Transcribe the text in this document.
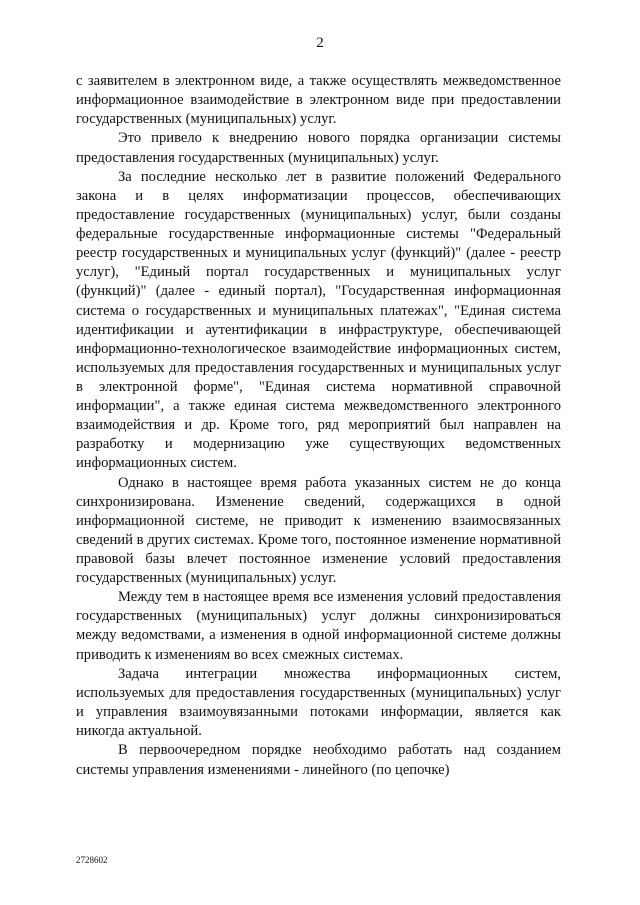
2

с заявителем в электронном виде, а также осуществлять межведомственное информационное взаимодействие в электронном виде при предоставлении государственных (муниципальных) услуг.

Это привело к внедрению нового порядка организации системы предоставления государственных (муниципальных) услуг.

За последние несколько лет в развитие положений Федерального закона и в целях информатизации процессов, обеспечивающих предоставление государственных (муниципальных) услуг, были созданы федеральные государственные информационные системы "Федеральный реестр государственных и муниципальных услуг (функций)" (далее - реестр услуг), "Единый портал государственных и муниципальных услуг (функций)" (далее - единый портал), "Государственная информационная система о государственных и муниципальных платежах", "Единая система идентификации и аутентификации в инфраструктуре, обеспечивающей информационно-технологическое взаимодействие информационных систем, используемых для предоставления государственных и муниципальных услуг в электронной форме", "Единая система нормативной справочной информации", а также единая система межведомственного электронного взаимодействия и др. Кроме того, ряд мероприятий был направлен на разработку и модернизацию уже существующих ведомственных информационных систем.

Однако в настоящее время работа указанных систем не до конца синхронизирована. Изменение сведений, содержащихся в одной информационной системе, не приводит к изменению взаимосвязанных сведений в других системах. Кроме того, постоянное изменение нормативной правовой базы влечет постоянное изменение условий предоставления государственных (муниципальных) услуг.

Между тем в настоящее время все изменения условий предоставления государственных (муниципальных) услуг должны синхронизироваться между ведомствами, а изменения в одной информационной системе должны приводить к изменениям во всех смежных системах.

Задача интеграции множества информационных систем, используемых для предоставления государственных (муниципальных) услуг и управления взаимоувязанными потоками информации, является как никогда актуальной.

В первоочередном порядке необходимо работать над созданием системы управления изменениями - линейного (по цепочке)

2728602
